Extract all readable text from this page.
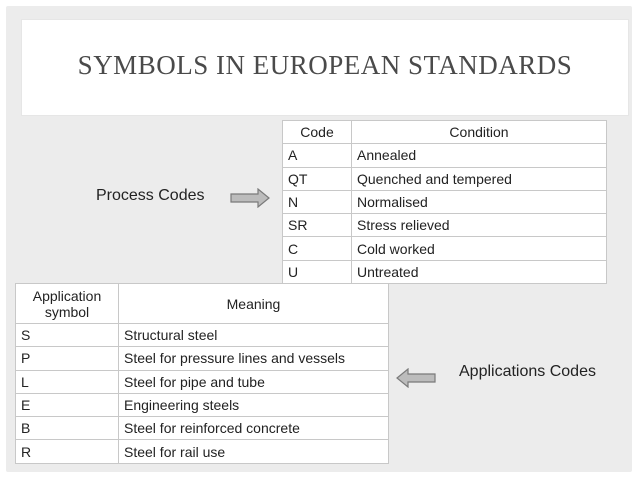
SYMBOLS IN EUROPEAN STANDARDS
Process Codes
Code	Condition
A	Annealed
QT	Quenched and tempered
N	Normalised
SR	Stress relieved
C	Cold worked
U	Untreated
Application symbol	Meaning
S	Structural steel
P	Steel for pressure lines and vessels
L	Steel for pipe and tube
E	Engineering steels
B	Steel for reinforced concrete
R	Steel for rail use
Applications Codes
